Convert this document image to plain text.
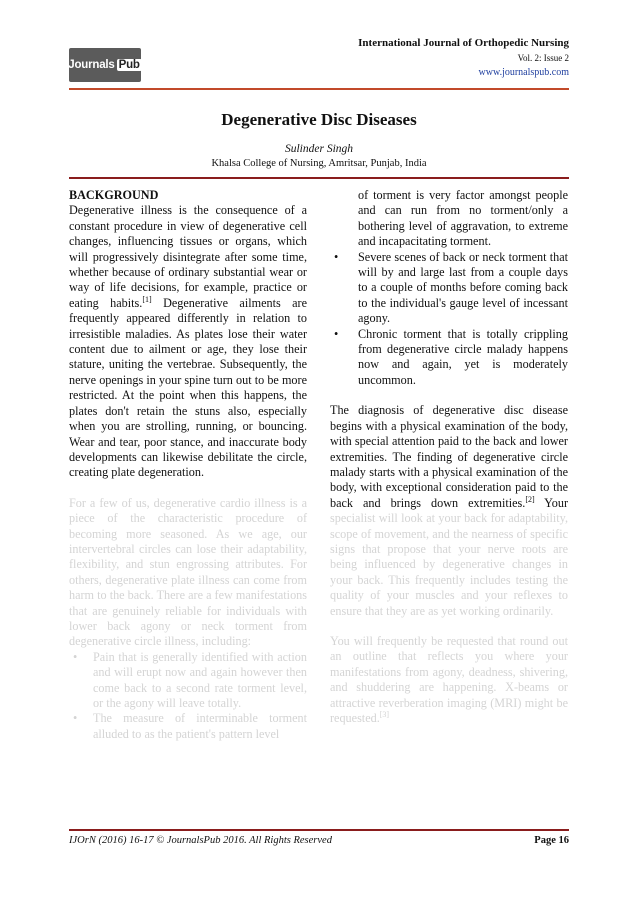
Journals Pub
International Journal of Orthopedic Nursing
Vol. 2: Issue 2
www.journalspub.com
Degenerative Disc Diseases
Sulinder Singh
Khalsa College of Nursing, Amritsar, Punjab, India
BACKGROUND

Degenerative illness is the consequence of a constant procedure in view of degenerative cell changes, influencing tissues or organs, which will progressively disintegrate after some time, whether because of ordinary substantial wear or way of life decisions, for example, practice or eating habits.[1] Degenerative ailments are frequently appeared differently in relation to irresistible maladies. As plates lose their water content due to ailment or age, they lose their stature, uniting the vertebrae. Subsequently, the nerve openings in your spine turn out to be more restricted. At the point when this happens, the plates don't retain the stuns also, especially when you are strolling, running, or bouncing. Wear and tear, poor stance, and inaccurate body developments can likewise debilitate the circle, creating plate degeneration.

For a few of us, degenerative cardio illness is a piece of the characteristic procedure of becoming more seasoned. As we age, our intervertebral circles can lose their adaptability, flexibility, and stun engrossing attributes. For others, degenerative plate illness can come from harm to the back. There are a few manifestations that are genuinely reliable for individuals with lower back agony or neck torment from degenerative circle illness, including:

• Pain that is generally identified with action and will erupt now and again however then come back to a second rate torment level, or the agony will leave totally.
• The measure of interminable torment alluded to as the patient's pattern level
of torment is very factor amongst people and can run from no torment/only a bothering level of aggravation, to extreme and incapacitating torment.
• Severe scenes of back or neck torment that will by and large last from a couple days to a couple of months before coming back to the individual's gauge level of incessant agony.
• Chronic torment that is totally crippling from degenerative circle malady happens now and again, yet is moderately uncommon.

The diagnosis of degenerative disc disease begins with a physical examination of the body, with special attention paid to the back and lower extremities. The finding of degenerative circle malady starts with a physical examination of the body, with exceptional consideration paid to the back and brings down extremities.[2] Your specialist will look at your back for adaptability, scope of movement, and the nearness of specific signs that propose that your nerve roots are being influenced by degenerative changes in your back. This frequently includes testing the quality of your muscles and your reflexes to ensure that they are as yet working ordinarily.

You will frequently be requested that round out an outline that reflects you where your manifestations from agony, deadness, shivering, and shuddering are happening. X-beams or attractive reverberation imaging (MRI) might be requested.[3]

IJOrN (2016) 16-17 © JournalsPub 2016. All Rights Reserved	Page 16
